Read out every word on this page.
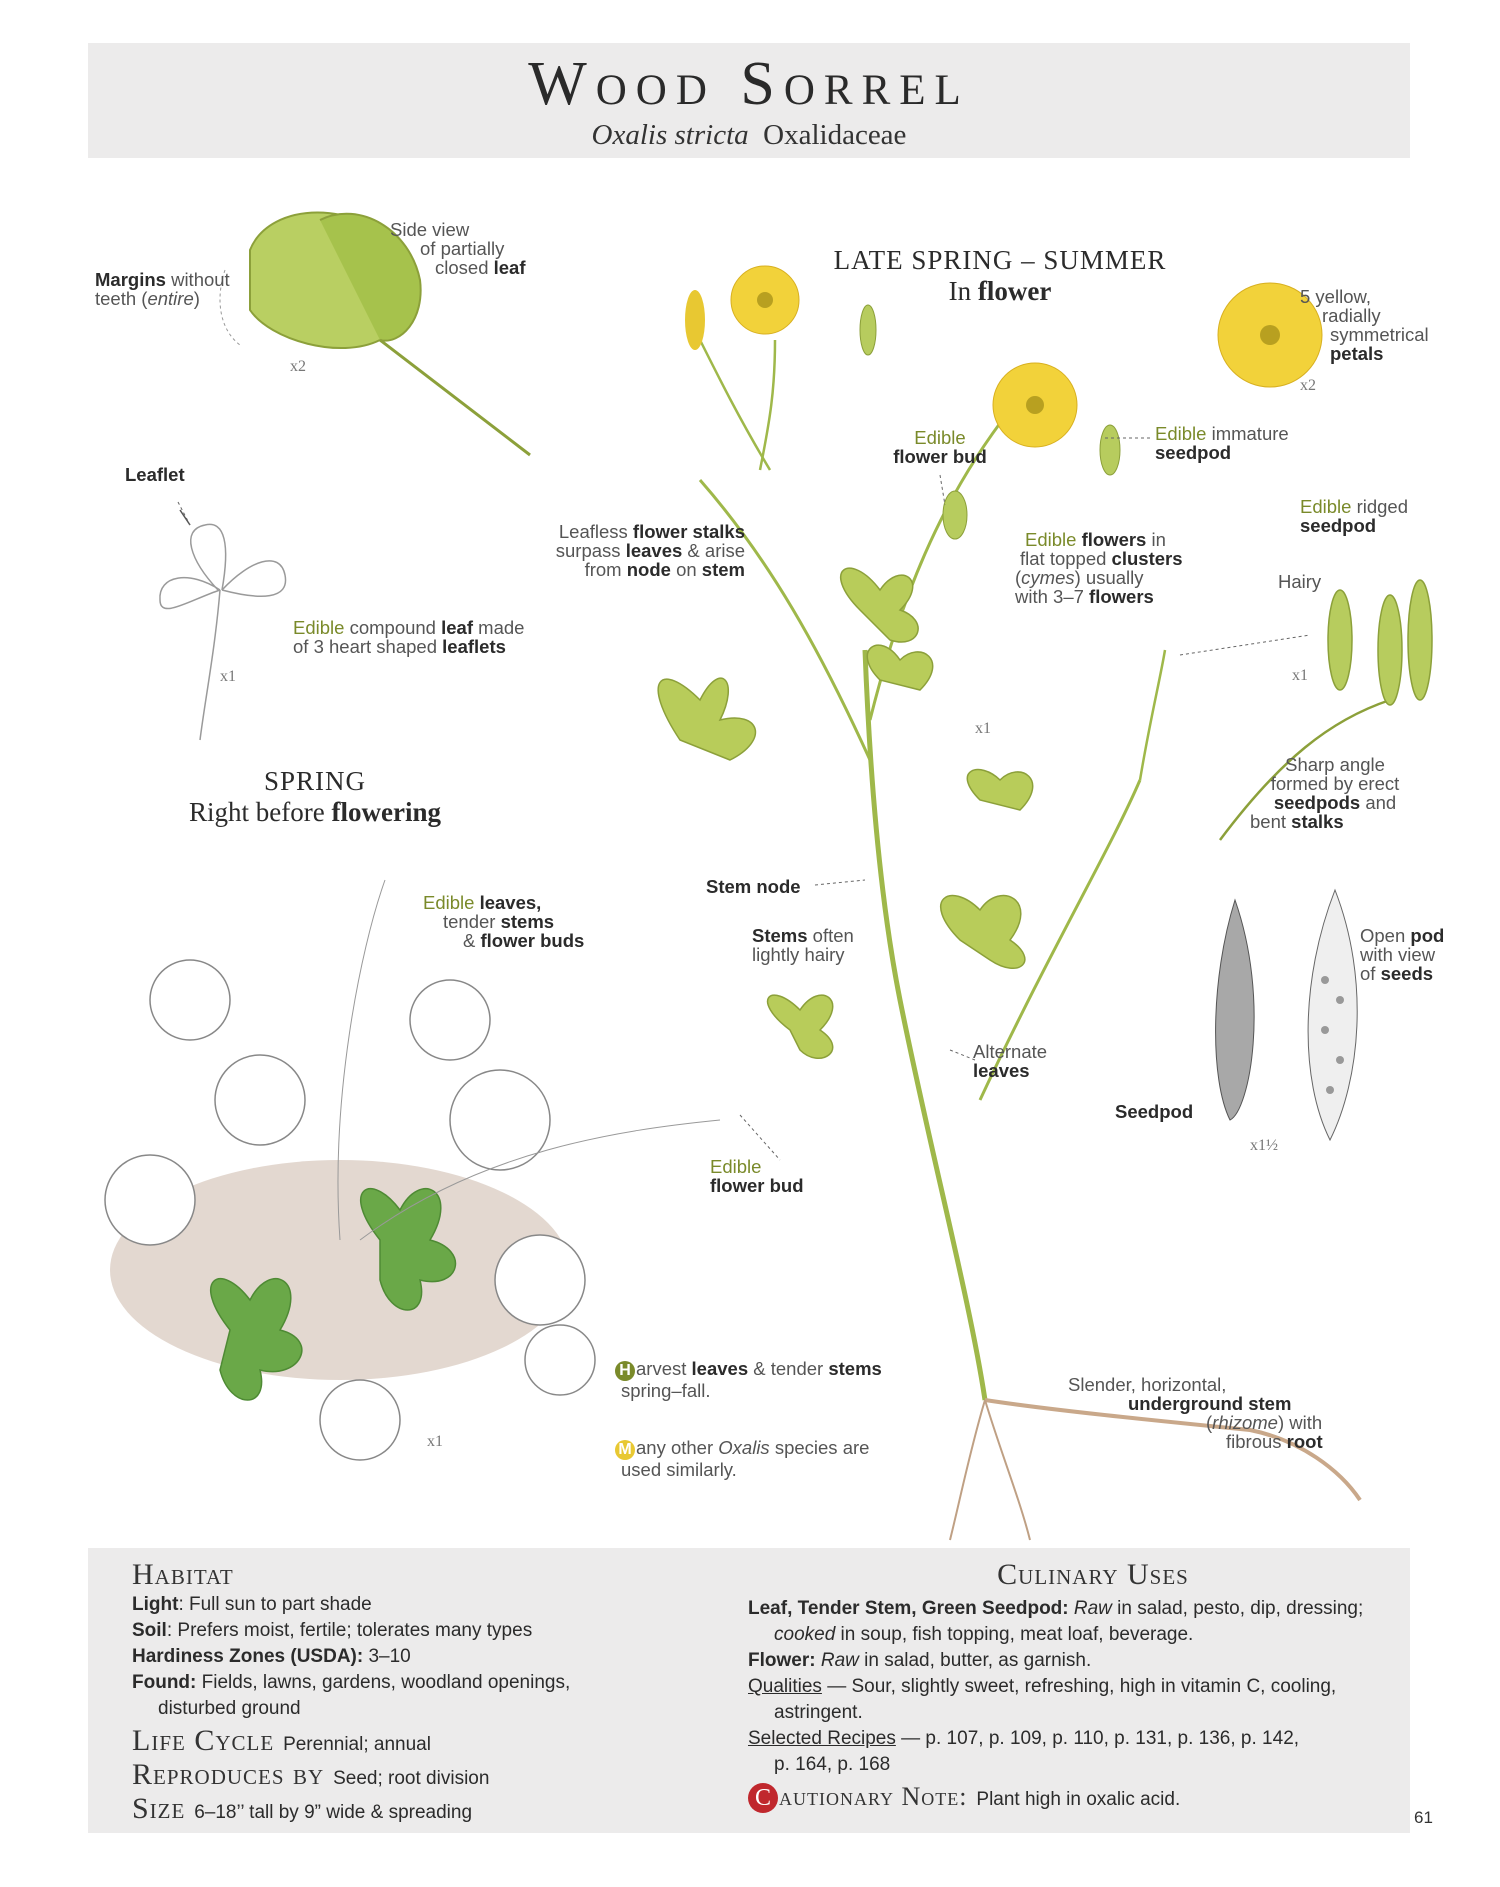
Wood Sorrel
Oxalis stricta Oxalidaceae
Side view
of partially
closed leaf
Margins without
teeth (entire)
x2
Leaflet
Edible compound leaf made
of 3 heart shaped leaflets
x1
LATE SPRING – SUMMER
In flower	5 yellow,
radially
symmetrical
petals
x2
Edible
flower bud
Edible immature
seedpod
Leafless flower stalks
surpass leaves & arise
from node on stem
Edible flowers in
flat topped clusters
(cymes) usually
with 3–7 flowers
Edible ridged
seedpod
Hairy
x1
x1
Sharp angle
formed by erect
seedpods and
bent stalks
SPRING
Right before flowering
Edible leaves,
tender stems
& flower buds
Stem node
Stems often
lightly hairy
Open pod
with view
of seeds
Alternate
leaves
Seedpod
x1½
Edible
flower bud
x1
H arvest leaves & tender stems
spring–fall.
M any other Oxalis species are
used similarly.
Slender, horizontal,
underground stem
(rhizome) with
fibrous root
Habitat
Light: Full sun to part shade
Soil: Prefers moist, fertile; tolerates many types
Hardiness Zones (USDA): 3–10
Found: Fields, lawns, gardens, woodland openings,
disturbed ground
Life Cycle Perennial; annual
Reproduces by Seed; root division
Size 6–18’’ tall by 9” wide & spreading
Culinary Uses
Leaf, Tender Stem, Green Seedpod: Raw in salad, pesto, dip, dressing;
cooked in soup, fish topping, meat loaf, beverage.
Flower: Raw in salad, butter, as garnish.
Qualities — Sour, slightly sweet, refreshing, high in vitamin C, cooling,
astringent.
Selected Recipes — p. 107, p. 109, p. 110, p. 131, p. 136, p. 142,
p. 164, p. 168
C autionary Note: Plant high in oxalic acid.
61
